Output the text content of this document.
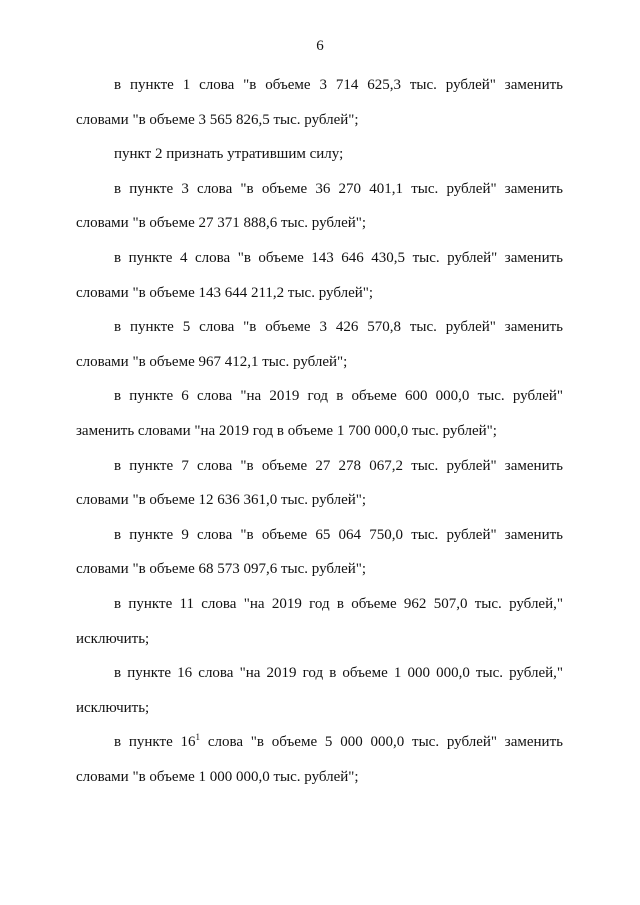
6

в пункте 1 слова "в объеме 3 714 625,3 тыс. рублей" заменить
словами "в объеме 3 565 826,5 тыс. рублей";

пункт 2 признать утратившим силу;

в пункте 3 слова "в объеме 36 270 401,1 тыс. рублей" заменить
словами "в объеме 27 371 888,6 тыс. рублей";

в пункте 4 слова "в объеме 143 646 430,5 тыс. рублей" заменить
словами "в объеме 143 644 211,2 тыс. рублей";

в пункте 5 слова "в объеме 3 426 570,8 тыс. рублей" заменить
словами "в объеме 967 412,1 тыс. рублей";

в пункте 6 слова "на 2019 год в объеме 600 000,0 тыс. рублей"
заменить словами "на 2019 год в объеме 1 700 000,0 тыс. рублей";

в пункте 7 слова "в объеме 27 278 067,2 тыс. рублей" заменить
словами "в объеме 12 636 361,0 тыс. рублей";

в пункте 9 слова "в объеме 65 064 750,0 тыс. рублей" заменить
словами "в объеме 68 573 097,6 тыс. рублей";

в пункте 11 слова "на 2019 год в объеме 962 507,0 тыс. рублей,"
исключить;

в пункте 16 слова "на 2019 год в объеме 1 000 000,0 тыс. рублей,"
исключить;

в пункте $16^1$ слова "в объеме 5 000 000,0 тыс. рублей" заменить
словами "в объеме 1 000 000,0 тыс. рублей";
